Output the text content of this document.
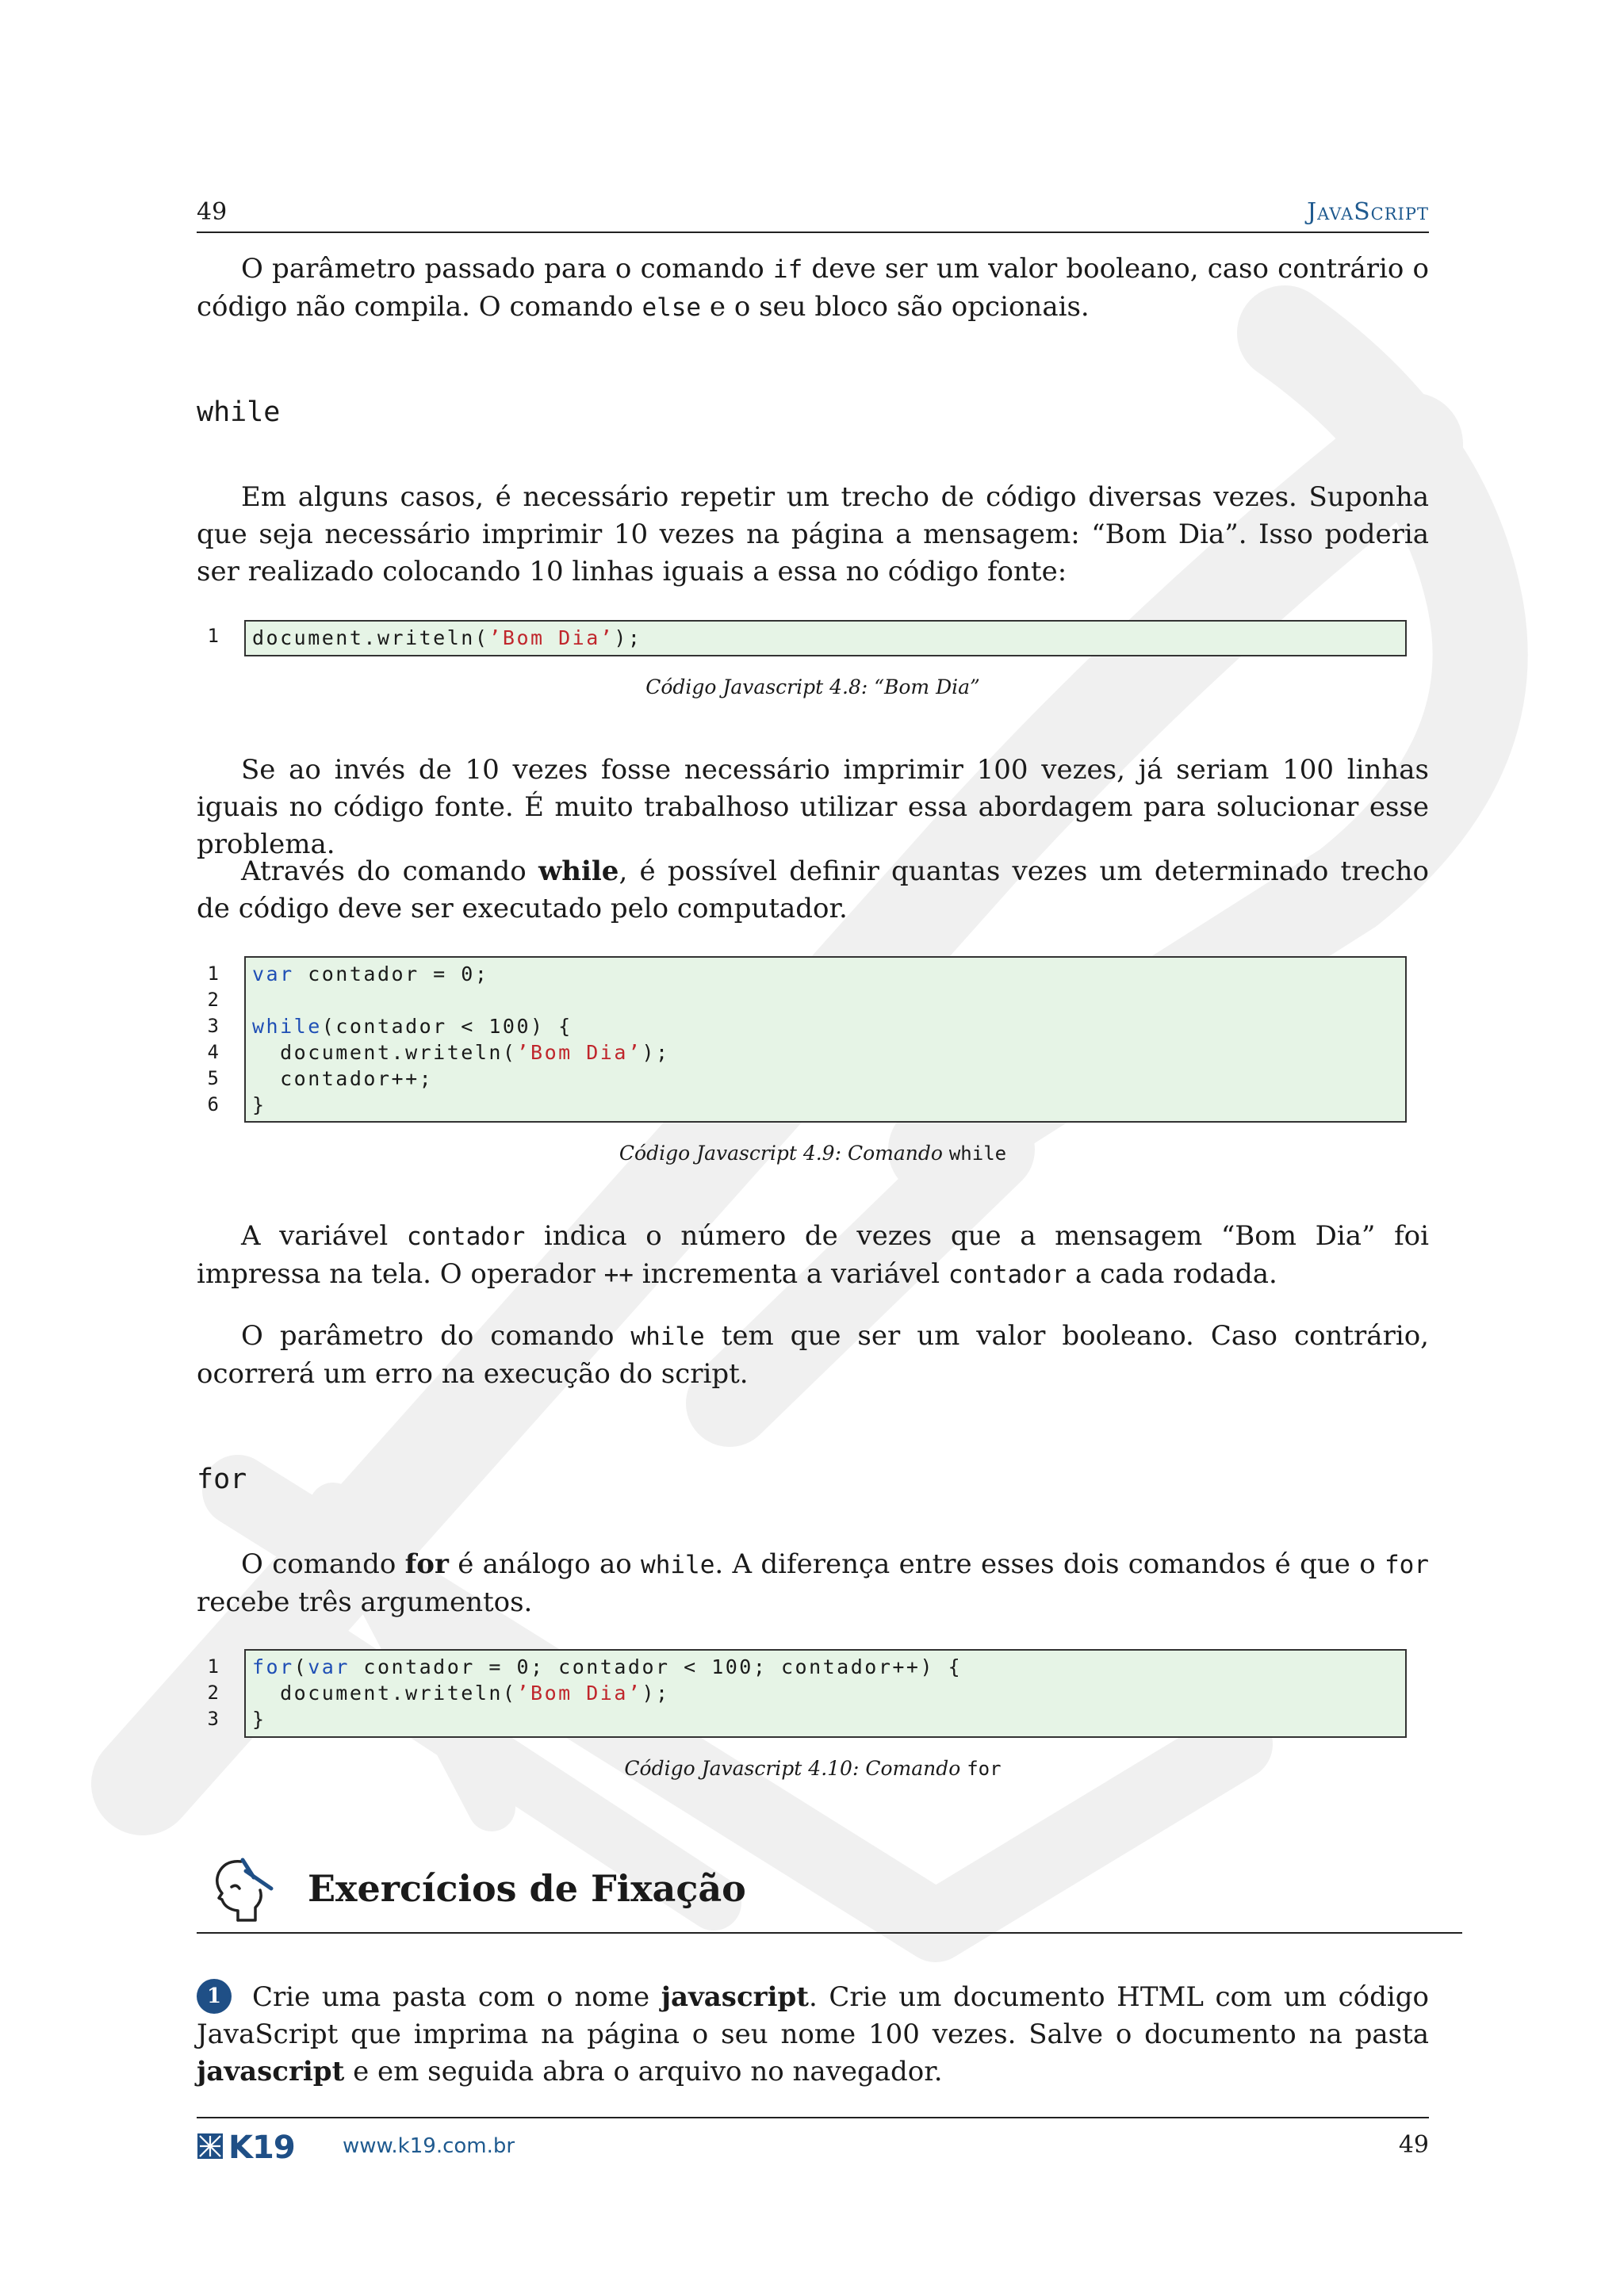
49	JavaScript

O parâmetro passado para o comando if deve ser um valor booleano, caso contrário o código não compila. O comando else e o seu bloco são opcionais.

while

Em alguns casos, é necessário repetir um trecho de código diversas vezes. Suponha que seja necessário imprimir 10 vezes na página a mensagem: “Bom Dia”. Isso poderia ser realizado colocando 10 linhas iguais a essa no código fonte:

1 document.writeln(’Bom Dia’);
Código Javascript 4.8: “Bom Dia”

Se ao invés de 10 vezes fosse necessário imprimir 100 vezes, já seriam 100 linhas iguais no código fonte. É muito trabalhoso utilizar essa abordagem para solucionar esse problema.

Através do comando while, é possível definir quantas vezes um determinado trecho de código deve ser executado pelo computador.

1
2
3
4
5
6
var contador = 0;

while(contador < 100) {
document.writeln(’Bom Dia’);
contador++;
}
Código Javascript 4.9: Comando while

A variável contador indica o número de vezes que a mensagem “Bom Dia” foi impressa na tela. O operador ++ incrementa a variável contador a cada rodada.

O parâmetro do comando while tem que ser um valor booleano. Caso contrário, ocorrerá um erro na execução do script.

for

O comando for é análogo ao while. A diferença entre esses dois comandos é que o for recebe três argumentos.

1
2
3
for(var contador = 0; contador < 100; contador++) {
document.writeln(’Bom Dia’);
}
Código Javascript 4.10: Comando for
Exercícios de Fixação

1 Crie uma pasta com o nome javascript. Crie um documento HTML com um código JavaScript que imprima na página o seu nome 100 vezes. Salve o documento na pasta javascript e em seguida abra o arquivo no navegador.

K19 www.k19.com.br	49
